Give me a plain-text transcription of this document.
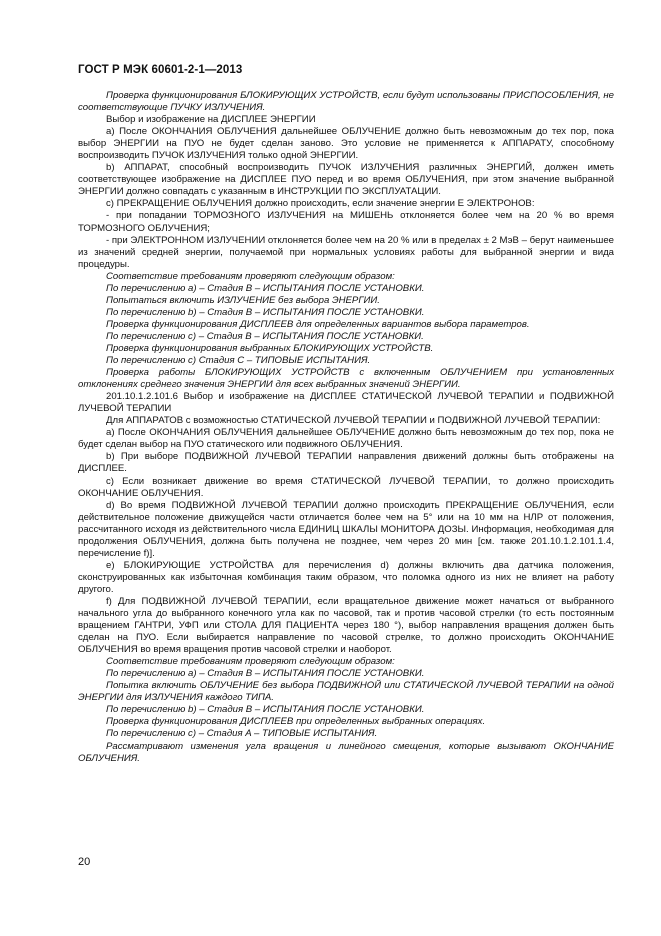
ГОСТ Р МЭК 60601-2-1—2013

Проверка функционирования БЛОКИРУЮЩИХ УСТРОЙСТВ, если будут использованы ПРИСПОСОБЛЕНИЯ, не соответствующие ПУЧКУ ИЗЛУЧЕНИЯ.

Выбор и изображение на ДИСПЛЕЕ ЭНЕРГИИ

a) После ОКОНЧАНИЯ ОБЛУЧЕНИЯ дальнейшее ОБЛУЧЕНИЕ должно быть невозможным до тех пор, пока выбор ЭНЕРГИИ на ПУО не будет сделан заново. Это условие не применяется к АППАРАТУ, способному воспроизводить ПУЧОК ИЗЛУЧЕНИЯ только одной ЭНЕРГИИ.

b) АППАРАТ, способный воспроизводить ПУЧОК ИЗЛУЧЕНИЯ различных ЭНЕРГИЙ, должен иметь соответствующее изображение на ДИСПЛЕЕ ПУО перед и во время ОБЛУЧЕНИЯ, при этом значение выбранной ЭНЕРГИИ должно совпадать с указанным в ИНСТРУКЦИИ ПО ЭКСПЛУАТАЦИИ.

c) ПРЕКРАЩЕНИЕ ОБЛУЧЕНИЯ должно происходить, если значение энергии E ЭЛЕКТРОНОВ:

- при попадании ТОРМОЗНОГО ИЗЛУЧЕНИЯ на МИШЕНЬ отклоняется более чем на 20 % во время ТОРМОЗНОГО ОБЛУЧЕНИЯ;

- при ЭЛЕКТРОННОМ ИЗЛУЧЕНИИ отклоняется более чем на 20 % или в пределах ± 2 МэВ – берут наименьшее из значений средней энергии, получаемой при нормальных условиях работы для выбранной энергии и вида процедуры.

Соответствие требованиям проверяют следующим образом:

По перечислению a) – Стадия B – ИСПЫТАНИЯ ПОСЛЕ УСТАНОВКИ.

Попытаться включить ИЗЛУЧЕНИЕ без выбора ЭНЕРГИИ.

По перечислению b) – Стадия B – ИСПЫТАНИЯ ПОСЛЕ УСТАНОВКИ.

Проверка функционирования ДИСПЛЕЕВ для определенных вариантов выбора параметров.

По перечислению c) – Стадия B – ИСПЫТАНИЯ ПОСЛЕ УСТАНОВКИ.

Проверка функционирования выбранных БЛОКИРУЮЩИХ УСТРОЙСТВ.

По перечислению c) Стадия C – ТИПОВЫЕ ИСПЫТАНИЯ.

Проверка работы БЛОКИРУЮЩИХ УСТРОЙСТВ с включенным ОБЛУЧЕНИЕМ при установленных отклонениях среднего значения ЭНЕРГИИ для всех выбранных значений ЭНЕРГИИ.

201.10.1.2.101.6 Выбор и изображение на ДИСПЛЕЕ СТАТИЧЕСКОЙ ЛУЧЕВОЙ ТЕРАПИИ и ПОДВИЖНОЙ ЛУЧЕВОЙ ТЕРАПИИ

Для АППАРАТОВ с возможностью СТАТИЧЕСКОЙ ЛУЧЕВОЙ ТЕРАПИИ и ПОДВИЖНОЙ ЛУЧЕВОЙ ТЕРАПИИ:

a) После ОКОНЧАНИЯ ОБЛУЧЕНИЯ дальнейшее ОБЛУЧЕНИЕ должно быть невозможным до тех пор, пока не будет сделан выбор на ПУО статического или подвижного ОБЛУЧЕНИЯ.

b) При выборе ПОДВИЖНОЙ ЛУЧЕВОЙ ТЕРАПИИ направления движений должны быть отображены на ДИСПЛЕЕ.

c) Если возникает движение во время СТАТИЧЕСКОЙ ЛУЧЕВОЙ ТЕРАПИИ, то должно происходить ОКОНЧАНИЕ ОБЛУЧЕНИЯ.

d) Во время ПОДВИЖНОЙ ЛУЧЕВОЙ ТЕРАПИИ должно происходить ПРЕКРАЩЕНИЕ ОБЛУЧЕНИЯ, если действительное положение движущейся части отличается более чем на 5° или на 10 мм на НЛР от положения, рассчитанного исходя из действительного числа ЕДИНИЦ ШКАЛЫ МОНИТОРА ДОЗЫ. Информация, необходимая для продолжения ОБЛУЧЕНИЯ, должна быть получена не позднее, чем через 20 мин [см. также 201.10.1.2.101.1.4, перечисление f)].

e) БЛОКИРУЮЩИЕ УСТРОЙСТВА для перечисления d) должны включить два датчика положения, сконструированных как избыточная комбинация таким образом, что поломка одного из них не влияет на работу другого.

f) Для ПОДВИЖНОЙ ЛУЧЕВОЙ ТЕРАПИИ, если вращательное движение может начаться от выбранного начального угла до выбранного конечного угла как по часовой, так и против часовой стрелки (то есть постоянным вращением ГАНТРИ, УФП или СТОЛА ДЛЯ ПАЦИЕНТА через 180 °), выбор направления вращения должен быть сделан на ПУО. Если выбирается направление по часовой стрелке, то должно происходить ОКОНЧАНИЕ ОБЛУЧЕНИЯ во время вращения против часовой стрелки и наоборот.

Соответствие требованиям проверяют следующим образом:

По перечислению a) – Стадия B – ИСПЫТАНИЯ ПОСЛЕ УСТАНОВКИ.

Попытка включить ОБЛУЧЕНИЕ без выбора ПОДВИЖНОЙ или СТАТИЧЕСКОЙ ЛУЧЕВОЙ ТЕРАПИИ на одной ЭНЕРГИИ для ИЗЛУЧЕНИЯ каждого ТИПА.

По перечислению b) – Стадия B – ИСПЫТАНИЯ ПОСЛЕ УСТАНОВКИ.

Проверка функционирования ДИСПЛЕЕВ при определенных выбранных операциях.

По перечислению c) – Стадия A – ТИПОВЫЕ ИСПЫТАНИЯ.

Рассматривают изменения угла вращения и линейного смещения, которые вызывают ОКОНЧАНИЕ ОБЛУЧЕНИЯ.

20
